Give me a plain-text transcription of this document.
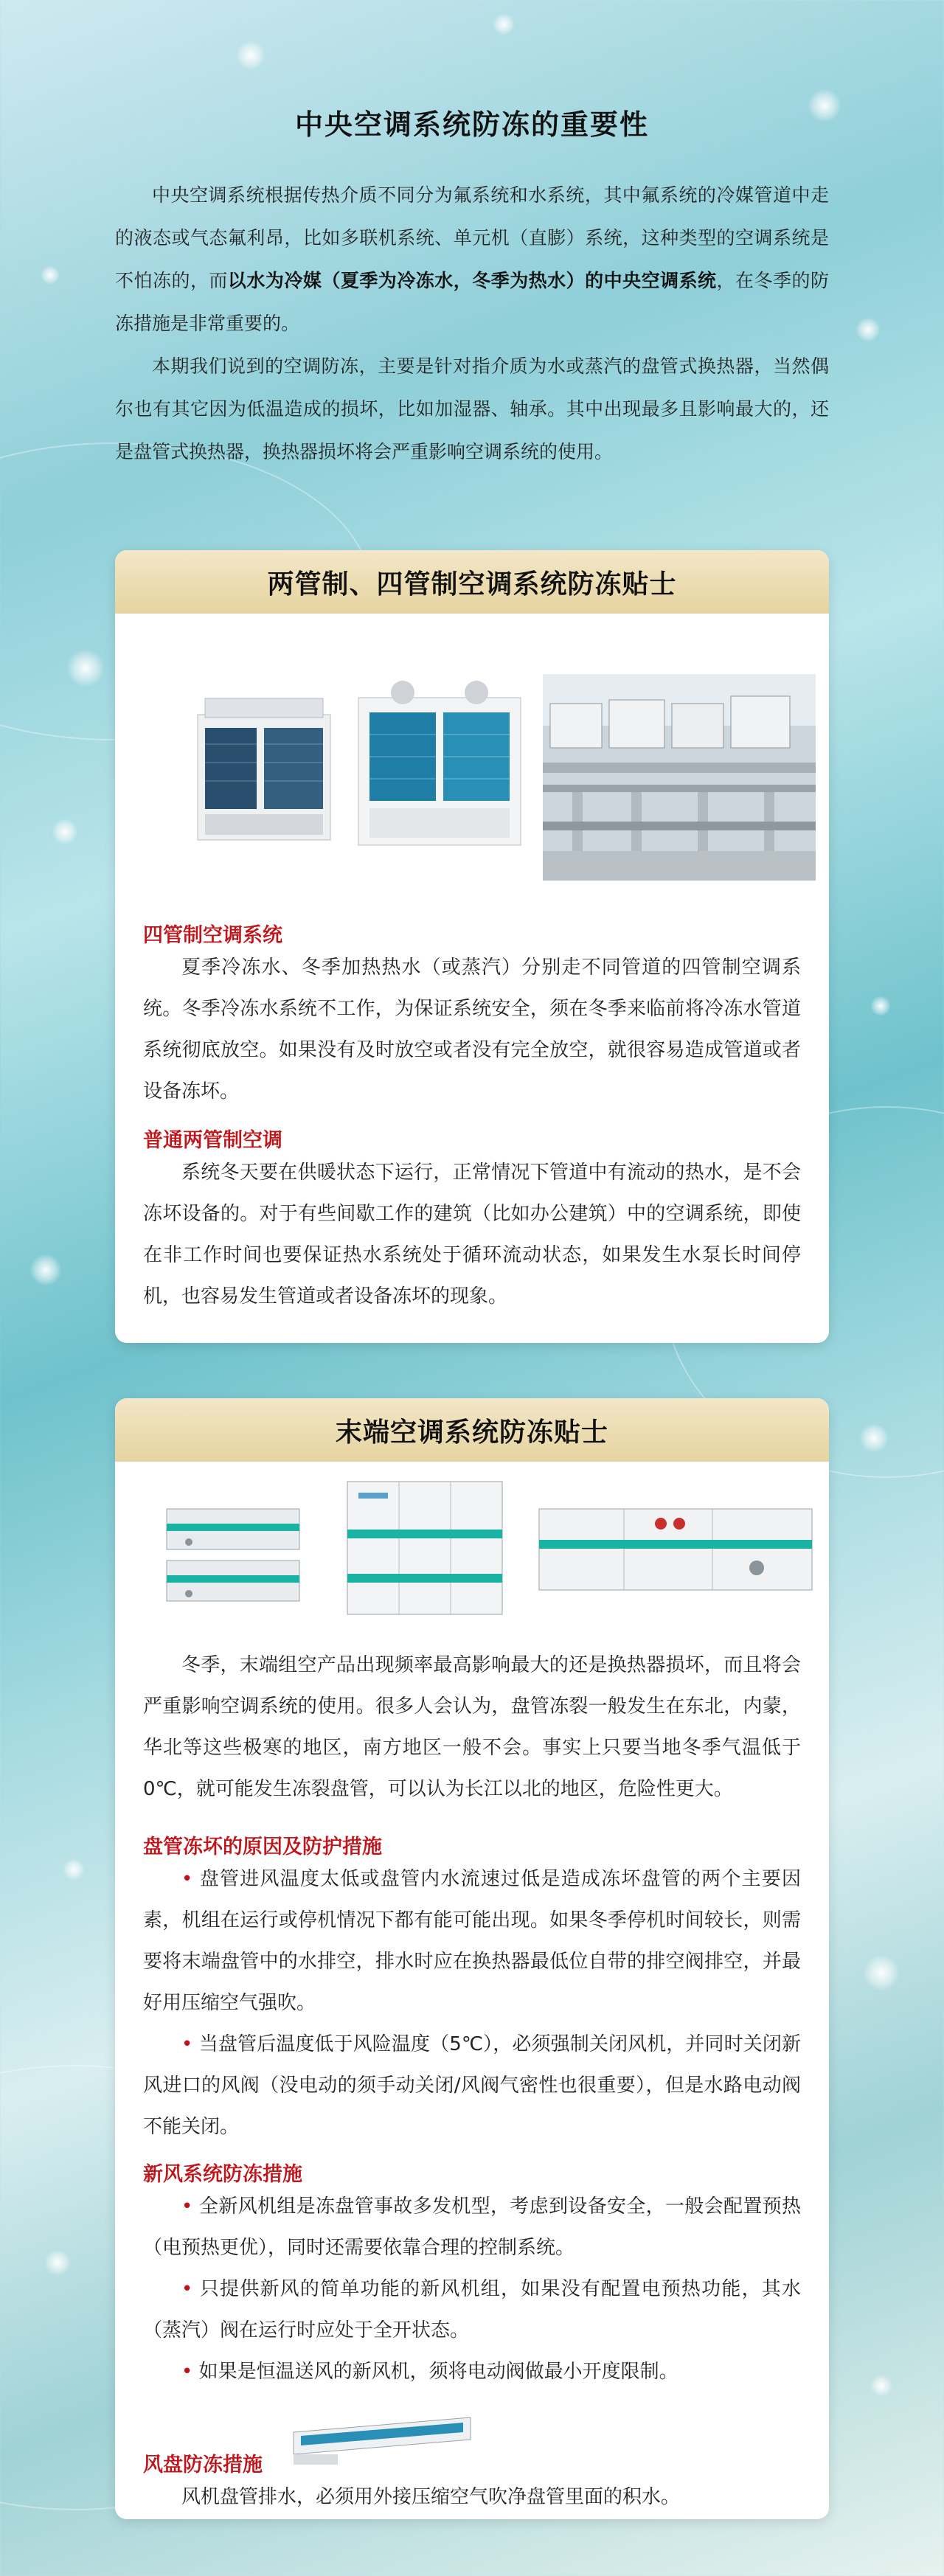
中央空调系统防冻的重要性

中央空调系统根据传热介质不同分为氟系统和水系统，其中氟系统的冷媒管道中走的液态或气态氟利昂，比如多联机系统、单元机（直膨）系统，这种类型的空调系统是不怕冻的，而以水为冷媒（夏季为冷冻水，冬季为热水）的中央空调系统，在冬季的防冻措施是非常重要的。

本期我们说到的空调防冻，主要是针对指介质为水或蒸汽的盘管式换热器，当然偶尔也有其它因为低温造成的损坏，比如加湿器、轴承。其中出现最多且影响最大的，还是盘管式换热器，换热器损坏将会严重影响空调系统的使用。

两管制、四管制空调系统防冻贴士
四管制空调系统

夏季冷冻水、冬季加热热水（或蒸汽）分别走不同管道的四管制空调系统。冬季冷冻水系统不工作，为保证系统安全，须在冬季来临前将冷冻水管道系统彻底放空。如果没有及时放空或者没有完全放空，就很容易造成管道或者设备冻坏。

普通两管制空调

系统冬天要在供暖状态下运行，正常情况下管道中有流动的热水，是不会冻坏设备的。对于有些间歇工作的建筑（比如办公建筑）中的空调系统，即使在非工作时间也要保证热水系统处于循环流动状态，如果发生水泵长时间停机，也容易发生管道或者设备冻坏的现象。

末端空调系统防冻贴士

冬季，末端组空产品出现频率最高影响最大的还是换热器损坏，而且将会严重影响空调系统的使用。很多人会认为，盘管冻裂一般发生在东北，内蒙，华北等这些极寒的地区，南方地区一般不会。事实上只要当地冬季气温低于0℃，就可能发生冻裂盘管，可以认为长江以北的地区，危险性更大。

盘管冻坏的原因及防护措施

• 盘管进风温度太低或盘管内水流速过低是造成冻坏盘管的两个主要因素，机组在运行或停机情况下都有能可能出现。如果冬季停机时间较长，则需要将末端盘管中的水排空，排水时应在换热器最低位自带的排空阀排空，并最好用压缩空气强吹。

• 当盘管后温度低于风险温度（5℃），必须强制关闭风机，并同时关闭新风进口的风阀（没电动的须手动关闭/风阀气密性也很重要），但是水路电动阀不能关闭。

新风系统防冻措施

• 全新风机组是冻盘管事故多发机型，考虑到设备安全，一般会配置预热（电预热更优），同时还需要依靠合理的控制系统。

• 只提供新风的简单功能的新风机组，如果没有配置电预热功能，其水（蒸汽）阀在运行时应处于全开状态。

• 如果是恒温送风的新风机，须将电动阀做最小开度限制。

风盘防冻措施

风机盘管排水，必须用外接压缩空气吹净盘管里面的积水。
